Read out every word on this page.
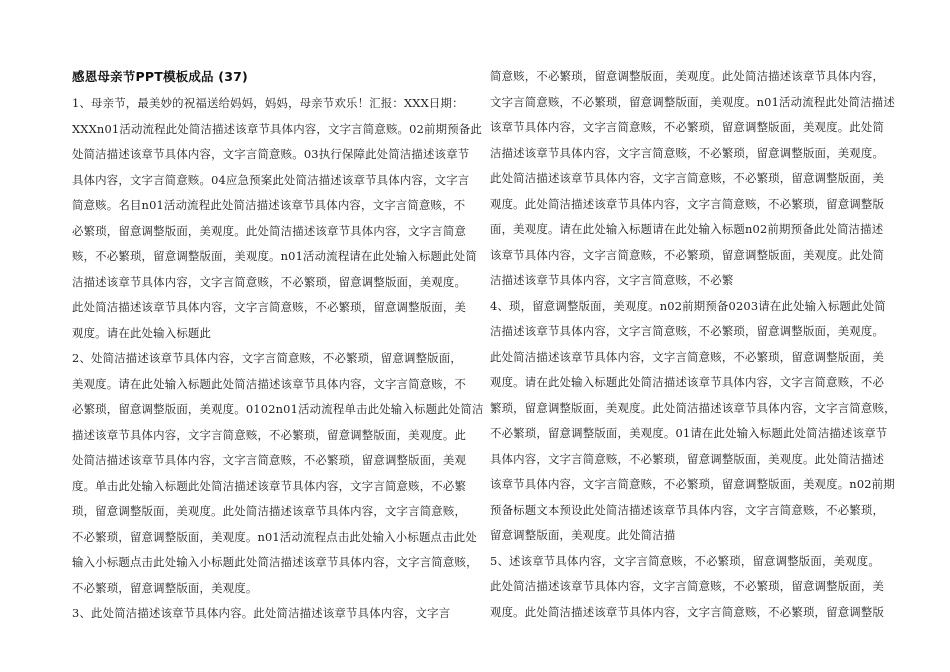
感恩母亲节PPT模板成品 (37)
1、母亲节，最美妙的祝福送给妈妈，妈妈，母亲节欢乐！汇报：XXX日期：
XXXn01活动流程此处简洁描述该章节具体内容，文字言简意赅。02前期预备此
处简洁描述该章节具体内容，文字言简意赅。03执行保障此处简洁描述该章节
具体内容，文字言简意赅。04应急预案此处简洁描述该章节具体内容，文字言
简意赅。名目n01活动流程此处简洁描述该章节具体内容，文字言简意赅，不
必繁琐，留意调整版面，美观度。此处简洁描述该章节具体内容，文字言简意
赅，不必繁琐，留意调整版面，美观度。n01活动流程请在此处输入标题此处简
洁描述该章节具体内容，文字言简意赅，不必繁琐，留意调整版面，美观度。
此处简洁描述该章节具体内容，文字言简意赅，不必繁琐，留意调整版面，美
观度。请在此处输入标题此
2、处简洁描述该章节具体内容，文字言简意赅，不必繁琐，留意调整版面，
美观度。请在此处输入标题此处简洁描述该章节具体内容，文字言简意赅，不
必繁琐，留意调整版面，美观度。0102n01活动流程单击此处输入标题此处简洁
描述该章节具体内容，文字言简意赅，不必繁琐，留意调整版面，美观度。此
处简洁描述该章节具体内容，文字言简意赅，不必繁琐，留意调整版面，美观
度。单击此处输入标题此处简洁描述该章节具体内容，文字言简意赅，不必繁
琐，留意调整版面，美观度。此处简洁描述该章节具体内容，文字言简意赅，
不必繁琐，留意调整版面，美观度。n01活动流程点击此处输入小标题点击此处
输入小标题点击此处输入小标题此处简洁描述该章节具体内容，文字言简意赅，
不必繁琐，留意调整版面，美观度。
3、此处简洁描述该章节具体内容。此处简洁描述该章节具体内容，文字言
简意赅，不必繁琐，留意调整版面，美观度。此处简洁描述该章节具体内容，
文字言简意赅，不必繁琐，留意调整版面，美观度。n01活动流程此处简洁描述
该章节具体内容，文字言简意赅，不必繁琐，留意调整版面，美观度。此处简
洁描述该章节具体内容，文字言简意赅，不必繁琐，留意调整版面，美观度。
此处简洁描述该章节具体内容，文字言简意赅，不必繁琐，留意调整版面，美
观度。此处简洁描述该章节具体内容，文字言简意赅，不必繁琐，留意调整版
面，美观度。请在此处输入标题请在此处输入标题n02前期预备此处简洁描述
该章节具体内容，文字言简意赅，不必繁琐，留意调整版面，美观度。此处简
洁描述该章节具体内容，文字言简意赅，不必繁
4、琐，留意调整版面，美观度。n02前期预备0203请在此处输入标题此处简
洁描述该章节具体内容，文字言简意赅，不必繁琐，留意调整版面，美观度。
此处简洁描述该章节具体内容，文字言简意赅，不必繁琐，留意调整版面，美
观度。请在此处输入标题此处简洁描述该章节具体内容，文字言简意赅，不必
繁琐，留意调整版面，美观度。此处简洁描述该章节具体内容，文字言简意赅，
不必繁琐，留意调整版面，美观度。01请在此处输入标题此处简洁描述该章节
具体内容，文字言简意赅，不必繁琐，留意调整版面，美观度。此处简洁描述
该章节具体内容，文字言简意赅，不必繁琐，留意调整版面，美观度。n02前期
预备标题文本预设此处简洁描述该章节具体内容，文字言简意赅，不必繁琐，
留意调整版面，美观度。此处简洁描
5、述该章节具体内容，文字言简意赅，不必繁琐，留意调整版面，美观度。
此处简洁描述该章节具体内容，文字言简意赅，不必繁琐，留意调整版面，美
观度。此处简洁描述该章节具体内容，文字言简意赅，不必繁琐，留意调整版
